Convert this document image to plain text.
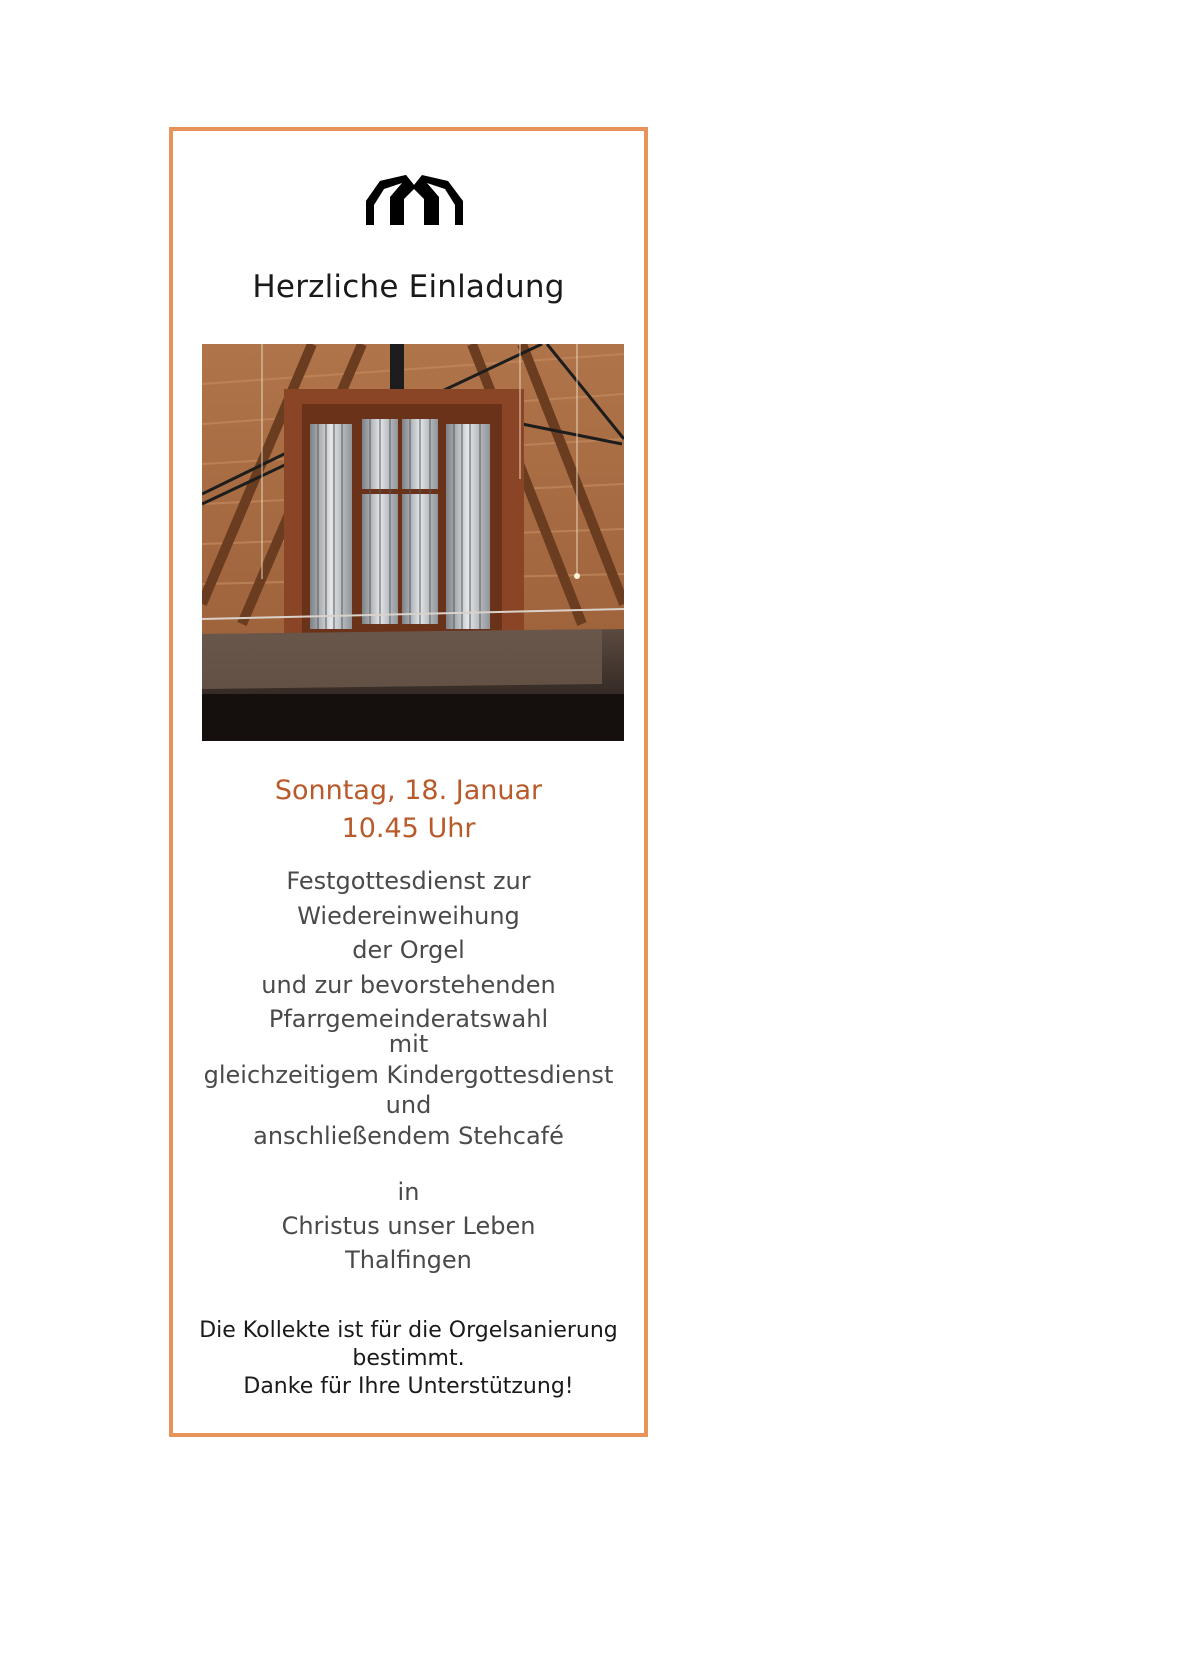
Herzliche Einladung
Sonntag, 18. Januar
10.45 Uhr
Festgottesdienst zur Wiedereinweihung
der Orgel
und zur bevorstehenden
Pfarrgemeinderatswahl
mit
gleichzeitigem Kindergottesdienst
und
anschließendem Stehcafé
in
Christus unser Leben
Thalfingen
Die Kollekte ist für die Orgelsanierung
bestimmt.
Danke für Ihre Unterstützung!
